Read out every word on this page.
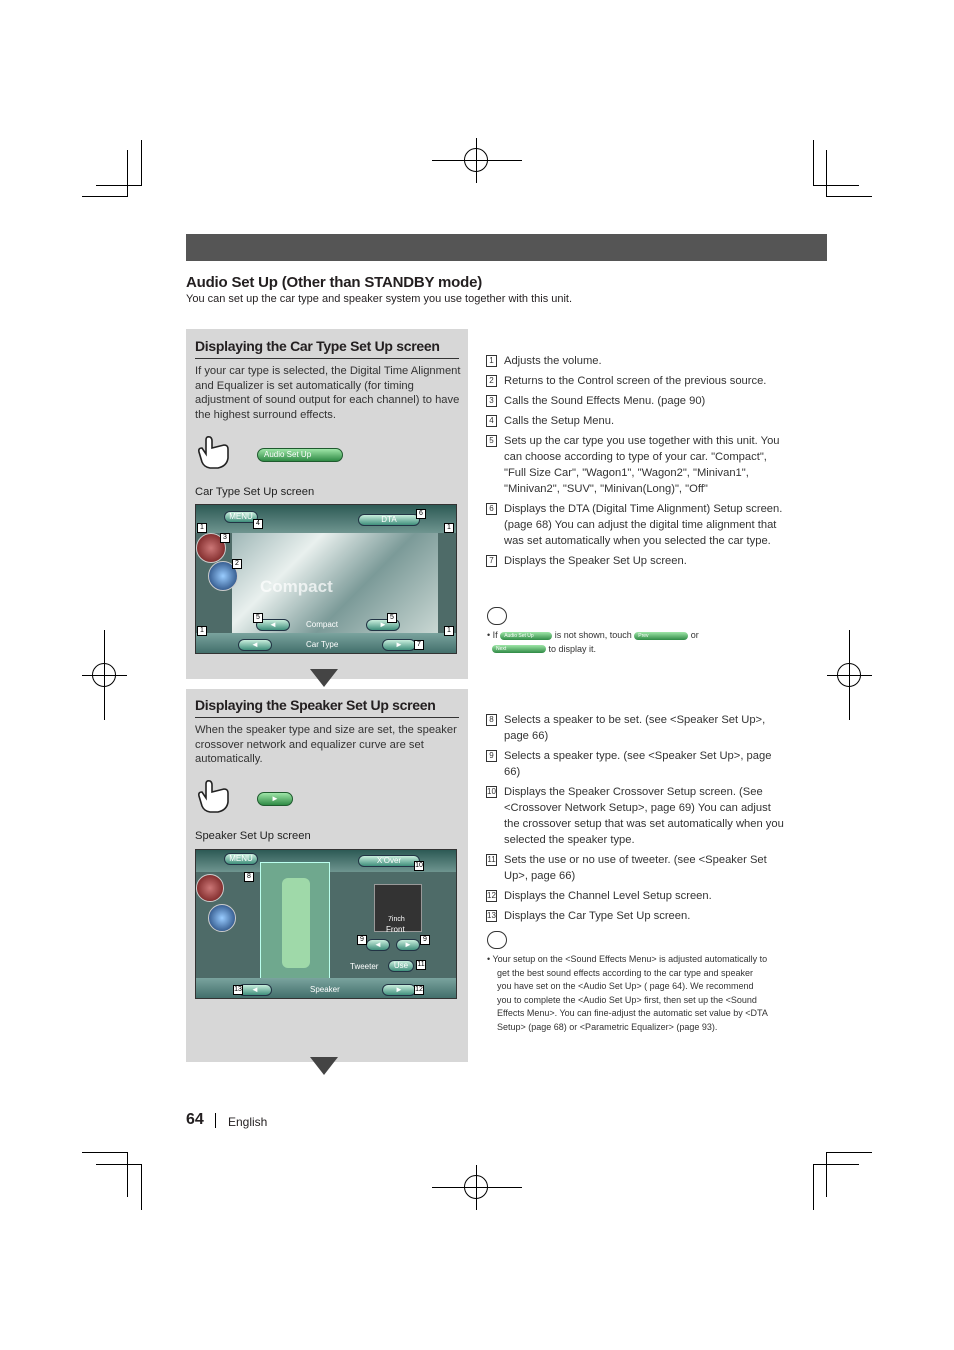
Audio Set Up (Other than STANDBY mode)
You can set up the car type and speaker system you use together with this unit.
Displaying the Car Type Set Up screen
If your car type is selected, the Digital Time Alignment and Equalizer is set automatically (for timing adjustment of sound output for each channel) to have the highest surround effects.
Audio Set Up
Car Type Set Up screen
MENU	DTA
Compact
◄	►
Compact
◄	Car Type	►
1
4
6
1
3
2
5	5
1	1
7
Displaying the Speaker Set Up screen
When the speaker type and size are set, the speaker crossover network and equalizer curve are set automatically.
►
Speaker Set Up screen
MENU	X'Over
7inch
Front
◄	►
Tweeter	Use
◄	Speaker	►
8
10
9	9
11
13	12
1 Adjusts the volume.
2 Returns to the Control screen of the previous source.
3 Calls the Sound Effects Menu. (page 90)
4 Calls the Setup Menu.
5 Sets up the car type you use together with this unit. You can choose according to type of your car. "Compact", "Full Size Car", "Wagon1", "Wagon2", "Minivan1", "Minivan2", "SUV", "Minivan(Long)", "Off"
6 Displays the DTA (Digital Time Alignment) Setup screen. (page 68) You can adjust the digital time alignment that was set automatically when you selected the car type.
7 Displays the Speaker Set Up screen.
• If Audio Set Up is not shown, touch Prev	or
Next	to display it.
8 Selects a speaker to be set. (see <Speaker Set Up>, page 66)
9 Selects a speaker type. (see <Speaker Set Up>, page 66)
10 Displays the Speaker Crossover Setup screen. (See <Crossover Network Setup>, page 69) You can adjust the crossover setup that was set automatically when you selected the speaker type.
11 Sets the use or no use of tweeter. (see <Speaker Set Up>, page 66)
12 Displays the Channel Level Setup screen.
13 Displays the Car Type Set Up screen.
• Your setup on the <Sound Effects Menu> is adjusted automatically to get the best sound effects according to the car type and speaker you have set on the <Audio Set Up> ( page 64). We recommend you to complete the <Audio Set Up> first, then set up the <Sound Effects Menu>. You can fine-adjust the automatic set value by <DTA Setup> (page 68) or <Parametric Equalizer> (page 93).
64 English
